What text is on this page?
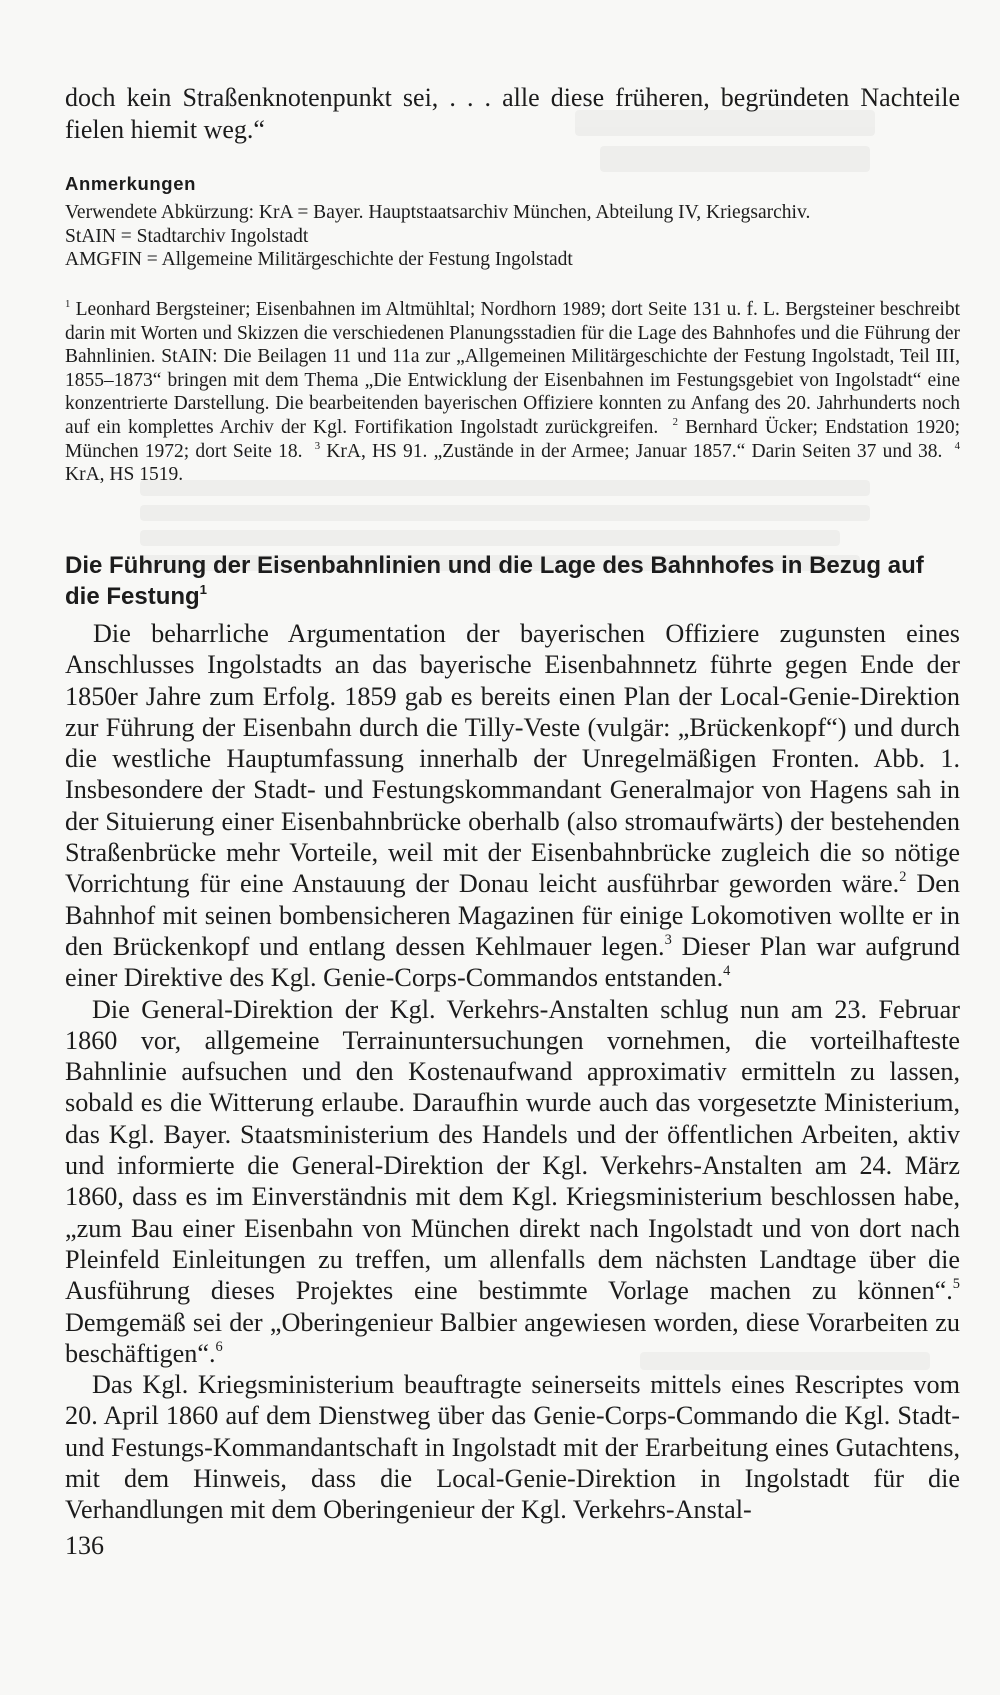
doch kein Straßenknotenpunkt sei, . . . alle diese früheren, begründeten Nachteile fielen hiemit weg.“

Anmerkungen
Verwendete Abkürzung: KrA = Bayer. Hauptstaatsarchiv München, Abteilung IV, Kriegsarchiv.
StAIN = Stadtarchiv Ingolstadt
AMGFIN = Allgemeine Militärgeschichte der Festung Ingolstadt

$^1$ Leonhard Bergsteiner; Eisenbahnen im Altmühltal; Nordhorn 1989; dort Seite 131 u. f. L. Bergsteiner beschreibt darin mit Worten und Skizzen die verschiedenen Planungsstadien für die Lage des Bahnhofes und die Führung der Bahnlinien. StAIN: Die Beilagen 11 und 11a zur „Allgemeinen Militärgeschichte der Festung Ingolstadt, Teil III, 1855–1873“ bringen mit dem Thema „Die Entwicklung der Eisenbahnen im Festungsgebiet von Ingolstadt“ eine konzentrierte Darstellung. Die bearbeitenden bayerischen Offiziere konnten zu Anfang des 20. Jahrhunderts noch auf ein komplettes Archiv der Kgl. Fortifikation Ingolstadt zurückgreifen. $^2$ Bernhard Ücker; Endstation 1920; München 1972; dort Seite 18. $^3$ KrA, HS 91. „Zustände in der Armee; Januar 1857.“ Darin Seiten 37 und 38. $^4$ KrA, HS 1519.

Die Führung der Eisenbahnlinien und die Lage des Bahnhofes in Bezug auf die Festung$^1$

Die beharrliche Argumentation der bayerischen Offiziere zugunsten eines Anschlusses Ingolstadts an das bayerische Eisenbahnnetz führte gegen Ende der 1850er Jahre zum Erfolg. 1859 gab es bereits einen Plan der Local-Genie-Direktion zur Führung der Eisenbahn durch die Tilly-Veste (vulgär: „Brückenkopf“) und durch die westliche Hauptumfassung innerhalb der Unregelmäßigen Fronten. Abb. 1. Insbesondere der Stadt- und Festungskommandant Generalmajor von Hagens sah in der Situierung einer Eisenbahnbrücke oberhalb (also stromaufwärts) der bestehenden Straßenbrücke mehr Vorteile, weil mit der Eisenbahnbrücke zugleich die so nötige Vorrichtung für eine Anstauung der Donau leicht ausführbar geworden wäre.$^2$ Den Bahnhof mit seinen bombensicheren Magazinen für einige Lokomotiven wollte er in den Brückenkopf und entlang dessen Kehlmauer legen.$^3$ Dieser Plan war aufgrund einer Direktive des Kgl. Genie-Corps-Commandos entstanden.$^4$

Die General-Direktion der Kgl. Verkehrs-Anstalten schlug nun am 23. Februar 1860 vor, allgemeine Terrainuntersuchungen vornehmen, die vorteilhafteste Bahnlinie aufsuchen und den Kostenaufwand approximativ ermitteln zu lassen, sobald es die Witterung erlaube. Daraufhin wurde auch das vorgesetzte Ministerium, das Kgl. Bayer. Staatsministerium des Handels und der öffentlichen Arbeiten, aktiv und informierte die General-Direktion der Kgl. Verkehrs-Anstalten am 24. März 1860, dass es im Einverständnis mit dem Kgl. Kriegsministerium beschlossen habe, „zum Bau einer Eisenbahn von München direkt nach Ingolstadt und von dort nach Pleinfeld Einleitungen zu treffen, um allenfalls dem nächsten Landtage über die Ausführung dieses Projektes eine bestimmte Vorlage machen zu können“.$^5$ Demgemäß sei der „Oberingenieur Balbier angewiesen worden, diese Vorarbeiten zu beschäftigen“.$^6$

Das Kgl. Kriegsministerium beauftragte seinerseits mittels eines Rescriptes vom 20. April 1860 auf dem Dienstweg über das Genie-Corps-Commando die Kgl. Stadt- und Festungs-Kommandantschaft in Ingolstadt mit der Erarbeitung eines Gutachtens, mit dem Hinweis, dass die Local-Genie-Direktion in Ingolstadt für die Verhandlungen mit dem Oberingenieur der Kgl. Verkehrs-Anstal-

136
